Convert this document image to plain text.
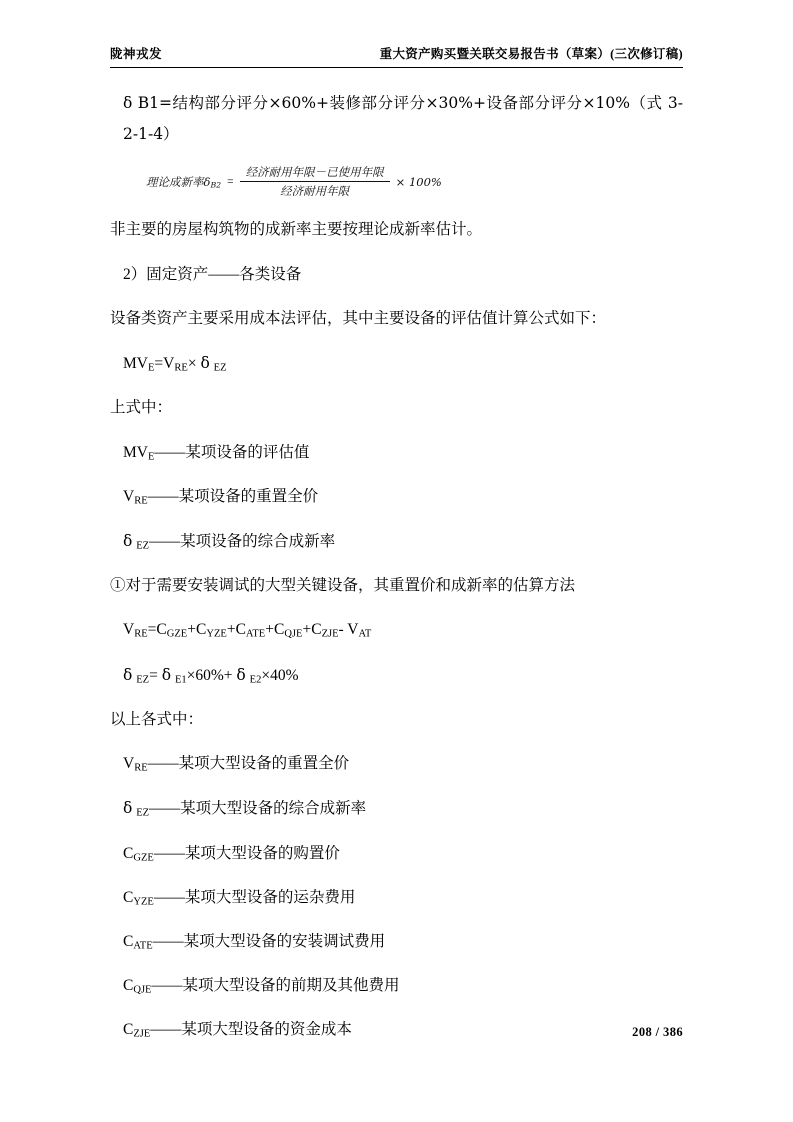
陇神戎发	重大资产购买暨关联交易报告书（草案）(三次修订稿)

δ B1=结构部分评分×60%+装修部分评分×30%+设备部分评分×10%（式 3-2-1-4）

理论成新率$\delta_{B2} = \frac{\text{经济耐用年限－已使用年限}}{\text{经济耐用年限}} \times 100\%$

非主要的房屋构筑物的成新率主要按理论成新率估计。

2）固定资产——各类设备

设备类资产主要采用成本法评估，其中主要设备的评估值计算公式如下：

$MV_E=V_{RE}\times \delta$ $_{EZ}$

上式中：

$MV_E——$某项设备的评估值

$V_{RE}——$某项设备的重置全价

δ $_{EZ}$——某项设备的综合成新率

①对于需要安装调试的大型关键设备，其重置价和成新率的估算方法

$V_{RE}=C_{GZE}+C_{YZE}+C_{ATE}+C_{QJE}+C_{ZJE}-$ $V_{AT}$

δ $_{EZ}$= δ $_{E1}$×60%+ δ $_{E2}$×40%

以上各式中：

$V_{RE}——$某项大型设备的重置全价

δ $_{EZ}$——某项大型设备的综合成新率

$C_{GZE}——$某项大型设备的购置价

$C_{YZE}——$某项大型设备的运杂费用

$C_{ATE}——$某项大型设备的安装调试费用

$C_{QJE}——$某项大型设备的前期及其他费用

$C_{ZJE}——$某项大型设备的资金成本	208 / 386
